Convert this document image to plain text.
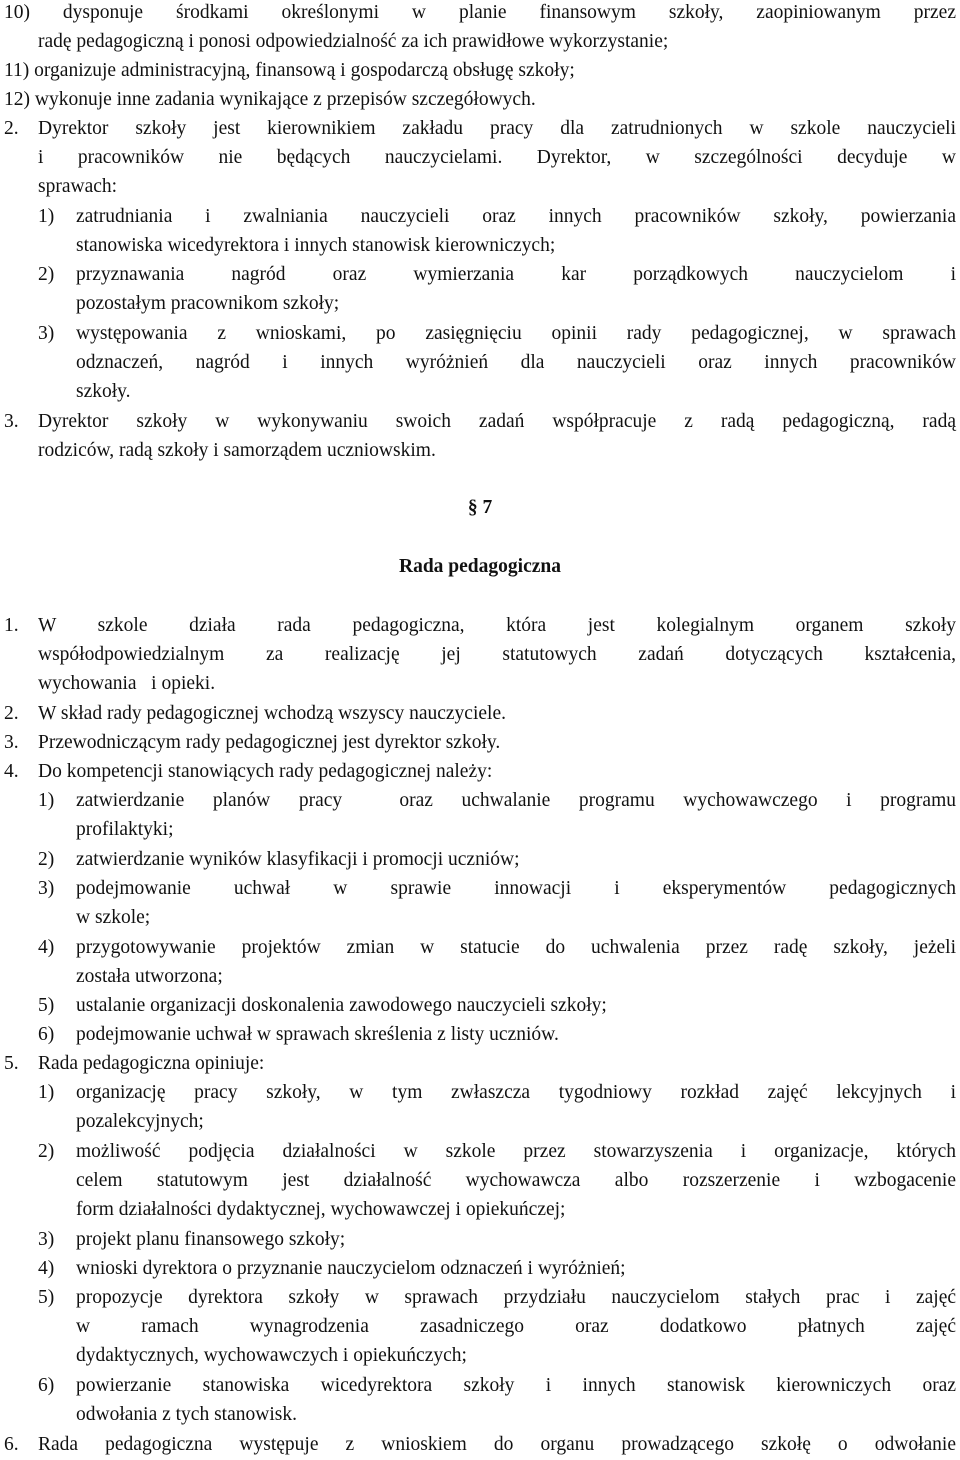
10) dysponuje środkami określonymi w planie finansowym szkoły, zaopiniowanym przez
radę pedagogiczną i ponosi odpowiedzialność za ich prawidłowe wykorzystanie;
11) organizuje administracyjną, finansową i gospodarczą obsługę szkoły;
12) wykonuje inne zadania wynikające z przepisów szczegółowych.
2. Dyrektor szkoły jest kierownikiem zakładu pracy dla zatrudnionych w szkole nauczycieli
i pracowników nie będących nauczycielami. Dyrektor, w szczególności decyduje w
sprawach:
1) zatrudniania i zwalniania nauczycieli oraz innych pracowników szkoły, powierzania
stanowiska wicedyrektora i innych stanowisk kierowniczych;
2) przyznawania nagród oraz wymierzania kar porządkowych nauczycielom i
pozostałym pracownikom szkoły;
3) występowania z wnioskami, po zasięgnięciu opinii rady pedagogicznej, w sprawach
odznaczeń, nagród i innych wyróżnień dla nauczycieli oraz innych pracowników
szkoły.
3. Dyrektor szkoły w wykonywaniu swoich zadań współpracuje z radą pedagogiczną, radą
rodziców, radą szkoły i samorządem uczniowskim.
§ 7
Rada pedagogiczna
1. W szkole działa rada pedagogiczna, która jest kolegialnym organem szkoły
współodpowiedzialnym za realizację jej statutowych zadań dotyczących kształcenia,
wychowania   i opieki.
2. W skład rady pedagogicznej wchodzą wszyscy nauczyciele.
3. Przewodniczącym rady pedagogicznej jest dyrektor szkoły.
4. Do kompetencji stanowiących rady pedagogicznej należy:
1) zatwierdzanie planów pracy  oraz uchwalanie programu wychowawczego i programu
profilaktyki;
2) zatwierdzanie wyników klasyfikacji i promocji uczniów;
3) podejmowanie uchwał w sprawie innowacji i eksperymentów pedagogicznych
w szkole;
4) przygotowywanie projektów zmian w statucie do uchwalenia przez radę szkoły, jeżeli
została utworzona;
5) ustalanie organizacji doskonalenia zawodowego nauczycieli szkoły;
6) podejmowanie uchwał w sprawach skreślenia z listy uczniów.
5. Rada pedagogiczna opiniuje:
1) organizację pracy szkoły, w tym zwłaszcza tygodniowy rozkład zajęć lekcyjnych i
pozalekcyjnych;
2) możliwość podjęcia działalności w szkole przez stowarzyszenia i organizacje, których
celem statutowym jest działalność wychowawcza albo rozszerzenie i wzbogacenie
form działalności dydaktycznej, wychowawczej i opiekuńczej;
3) projekt planu finansowego szkoły;
4) wnioski dyrektora o przyznanie nauczycielom odznaczeń i wyróżnień;
5) propozycje dyrektora szkoły w sprawach przydziału nauczycielom stałych prac i zajęć
w ramach wynagrodzenia zasadniczego oraz dodatkowo płatnych zajęć
dydaktycznych, wychowawczych i opiekuńczych;
6) powierzanie stanowiska wicedyrektora szkoły i innych stanowisk kierowniczych oraz
odwołania z tych stanowisk.
6. Rada pedagogiczna występuje z wnioskiem do organu prowadzącego szkołę o odwołanie
